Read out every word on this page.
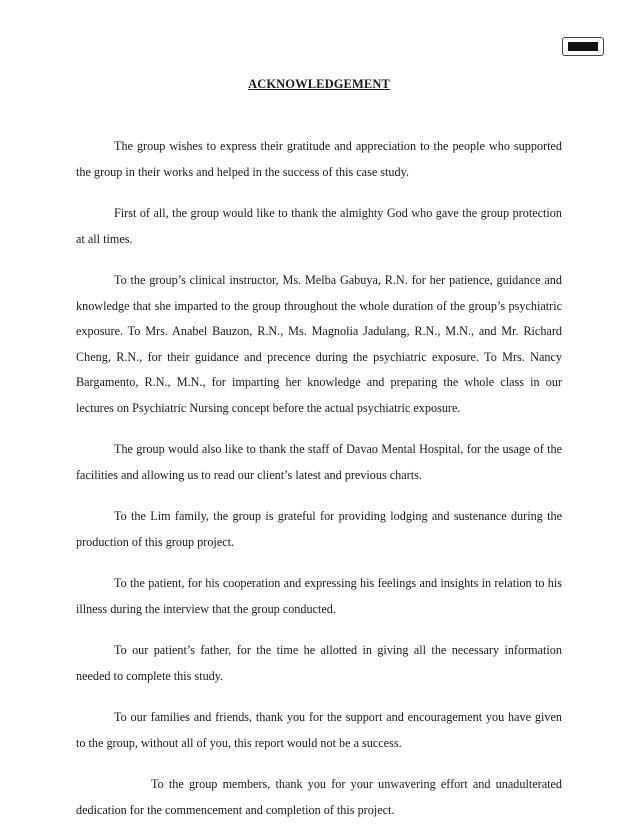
ACKNOWLEDGEMENT

The group wishes to express their gratitude and appreciation to the people who supported the group in their works and helped in the success of this case study.

First of all, the group would like to thank the almighty God who gave the group protection at all times.

To the group’s clinical instructor, Ms. Melba Gabuya, R.N. for her patience, guidance and knowledge that she imparted to the group throughout the whole duration of the group’s psychiatric exposure. To Mrs. Anabel Bauzon, R.N., Ms. Magnolia Jadulang, R.N., M.N., and Mr. Richard Cheng, R.N., for their guidance and precence during the psychiatric exposure. To Mrs. Nancy Bargamento, R.N., M.N., for imparting her knowledge and preparing the whole class in our lectures on Psychiatric Nursing concept before the actual psychiatric exposure.

The group would also like to thank the staff of Davao Mental Hospital, for the usage of the facilities and allowing us to read our client’s latest and previous charts.

To the Lim family, the group is grateful for providing lodging and sustenance during the production of this group project.

To the patient, for his cooperation and expressing his feelings and insights in relation to his illness during the interview that the group conducted.

To our patient’s father, for the time he allotted in giving all the necessary information needed to complete this study.

To our families and friends, thank you for the support and encouragement you have given to the group, without all of you, this report would not be a success.

To the group members, thank you for your unwavering effort and unadulterated dedication for the commencement and completion of this project.
